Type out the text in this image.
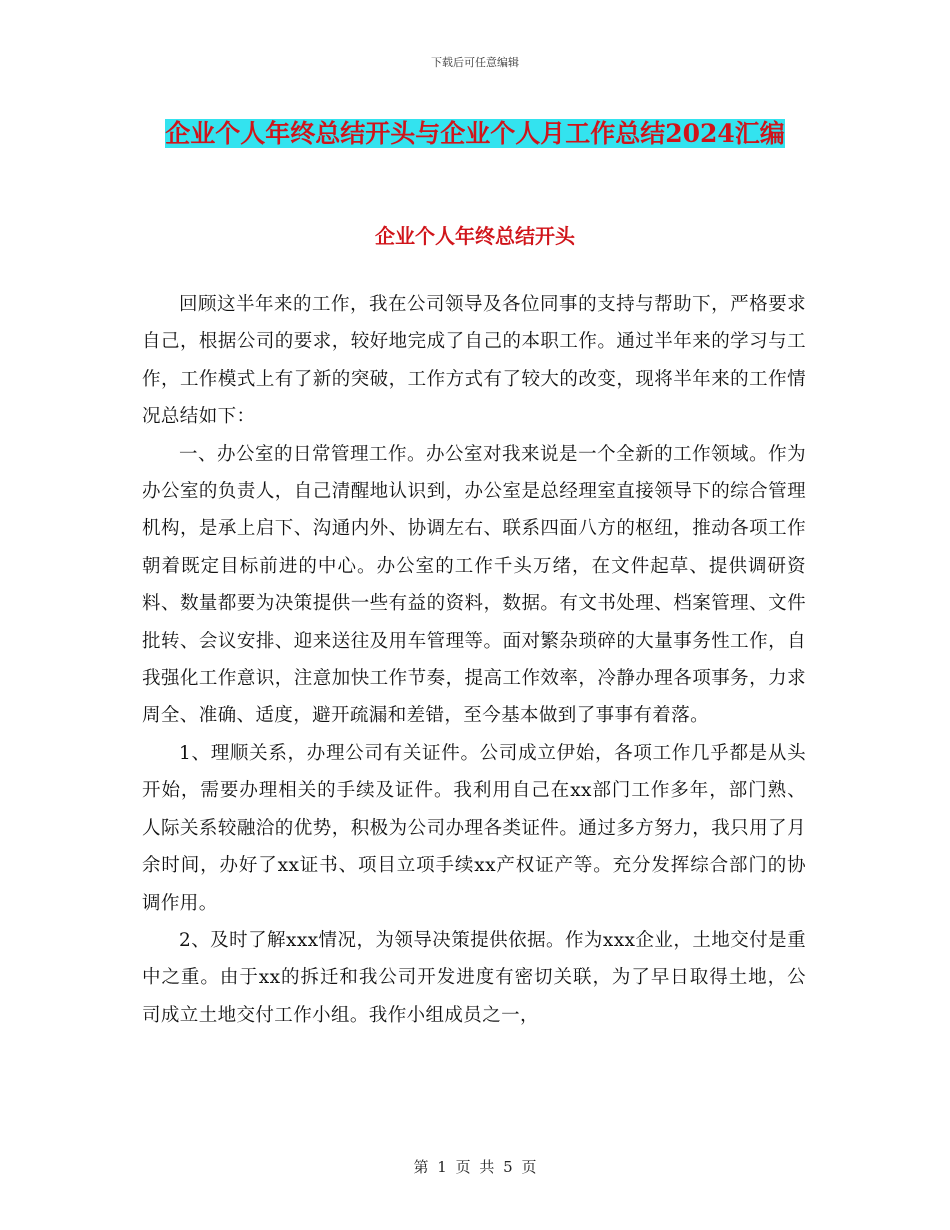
下载后可任意编辑
企业个人年终总结开头与企业个人月工作总结2024汇编
企业个人年终总结开头

回顾这半年来的工作，我在公司领导及各位同事的支持与帮助下，严格要求自己，根据公司的要求，较好地完成了自己的本职工作。通过半年来的学习与工作，工作模式上有了新的突破，工作方式有了较大的改变，现将半年来的工作情况总结如下：

一、办公室的日常管理工作。办公室对我来说是一个全新的工作领域。作为办公室的负责人，自己清醒地认识到，办公室是总经理室直接领导下的综合管理机构，是承上启下、沟通内外、协调左右、联系四面八方的枢纽，推动各项工作朝着既定目标前进的中心。办公室的工作千头万绪，在文件起草、提供调研资料、数量都要为决策提供一些有益的资料，数据。有文书处理、档案管理、文件批转、会议安排、迎来送往及用车管理等。面对繁杂琐碎的大量事务性工作，自我强化工作意识，注意加快工作节奏，提高工作效率，冷静办理各项事务，力求周全、准确、适度，避开疏漏和差错，至今基本做到了事事有着落。

1、理顺关系，办理公司有关证件。公司成立伊始，各项工作几乎都是从头开始，需要办理相关的手续及证件。我利用自己在xx部门工作多年，部门熟、人际关系较融洽的优势，积极为公司办理各类证件。通过多方努力，我只用了月余时间，办好了xx证书、项目立项手续xx产权证产等。充分发挥综合部门的协调作用。

2、及时了解xxx情况，为领导决策提供依据。作为xxx企业，土地交付是重中之重。由于xx的拆迁和我公司开发进度有密切关联，为了早日取得土地，公司成立土地交付工作小组。我作小组成员之一，

第 1 页 共 5 页
